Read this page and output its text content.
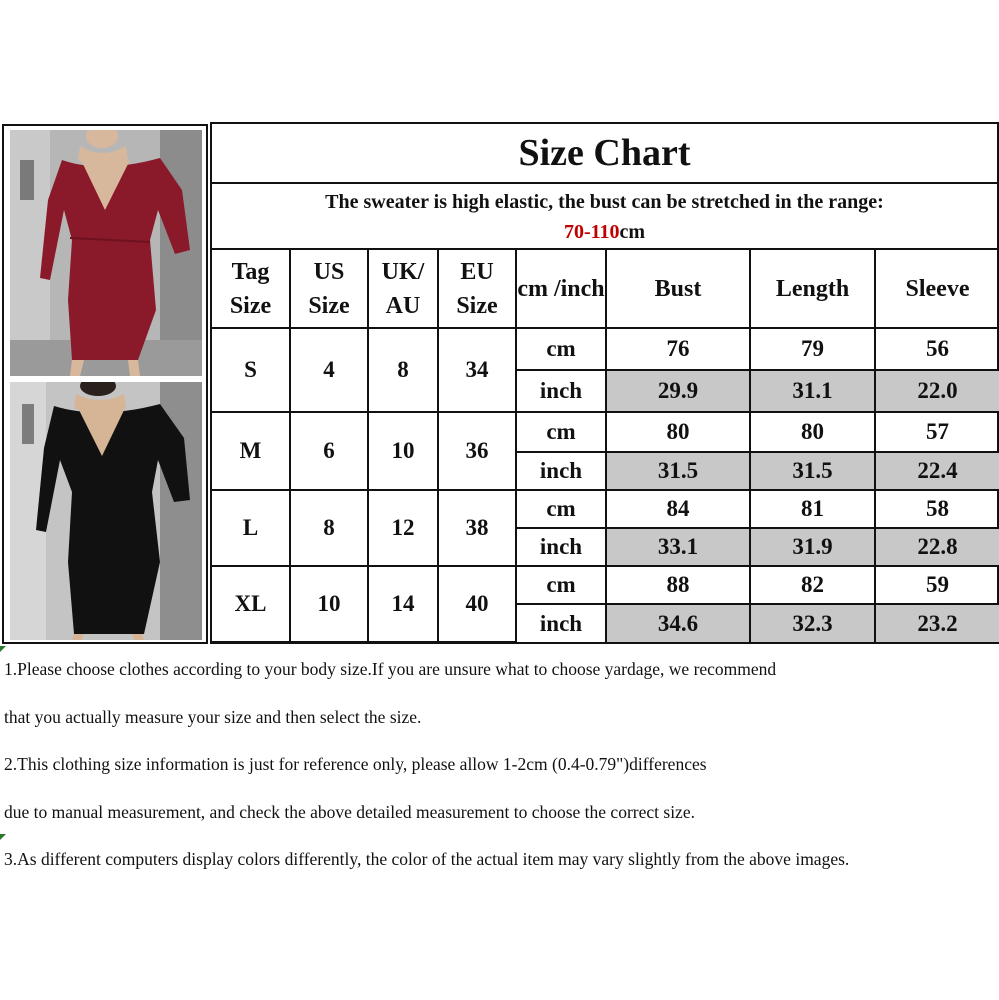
Size Chart
The sweater is high elastic, the bust can be stretched in the range:
70-110cm
Tag Size	US Size	UK/ AU	EU Size	cm /inch	Bust	Length	Sleeve
S	4	8	34	cm	76	79	56
				inch	29.9	31.1	22.0
M	6	10	36	cm	80	80	57
				inch	31.5	31.5	22.4
L	8	12	38	cm	84	81	58
				inch	33.1	31.9	22.8
XL	10	14	40	cm	88	82	59
				inch	34.6	32.3	23.2

1.Please choose clothes according to your body size.If you are unsure what to choose yardage, we recommend

that you actually measure your size and then select the size.

2.This clothing size information is just for reference only, please allow 1-2cm (0.4-0.79")differences

due to manual measurement, and check the above detailed measurement to choose the correct size.

3.As different computers display colors differently, the color of the actual item may vary slightly from the above images.
